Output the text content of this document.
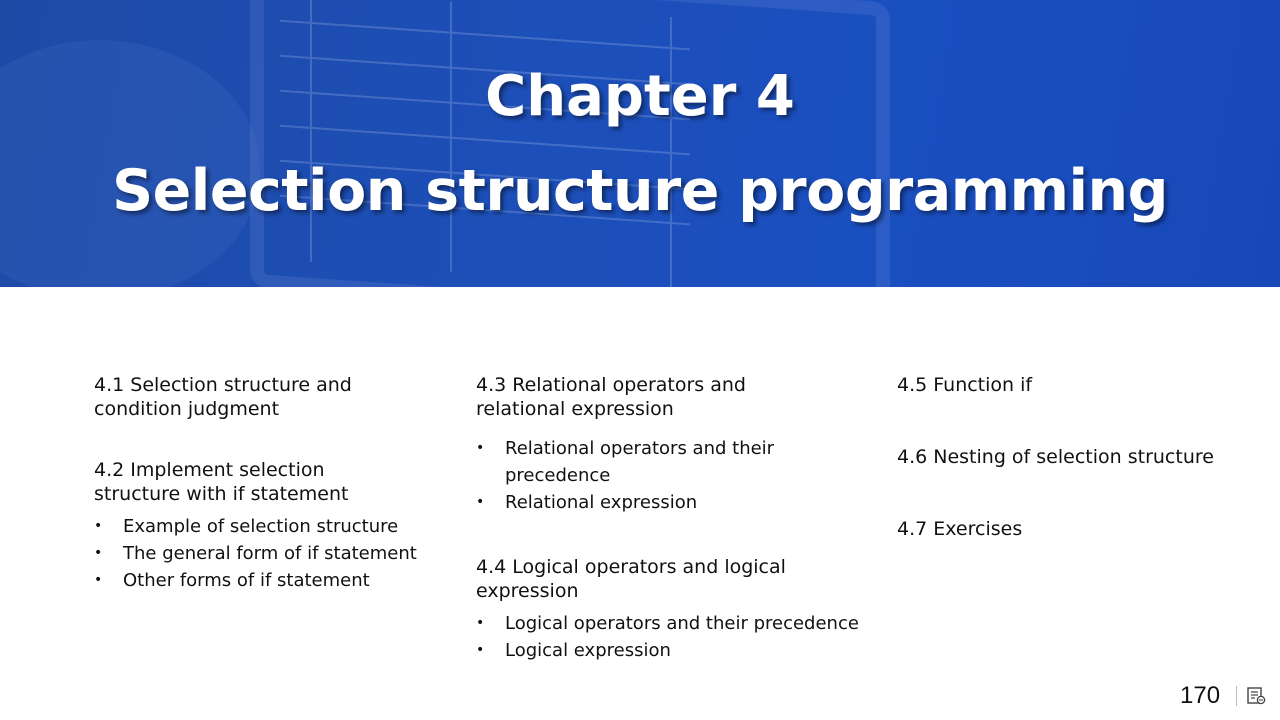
Chapter 4
Selection structure programming

4.1 Selection structure and
condition judgment

4.2 Implement selection
structure with if statement

• Example of selection structure
• The general form of if statement
• Other forms of if statement

4.3 Relational operators and
relational expression

• Relational operators and their
precedence
• Relational expression

4.4 Logical operators and logical
expression

• Logical operators and their precedence
• Logical expression

4.5 Function if

4.6 Nesting of selection structure

4.7 Exercises

170
